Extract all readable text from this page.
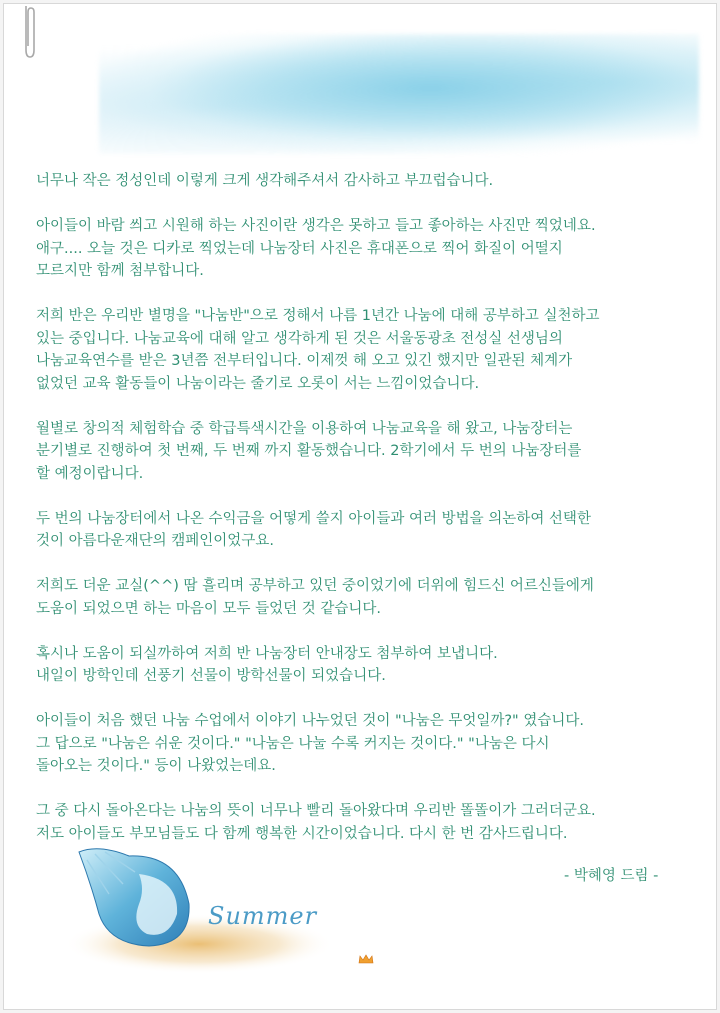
너무나 작은 정성인데 이렇게 크게 생각해주셔서 감사하고 부끄럽습니다.

아이들이 바람 씌고 시원해 하는 사진이란 생각은 못하고 들고 좋아하는 사진만 찍었네요.
애구.... 오늘 것은 디카로 찍었는데 나눔장터 사진은 휴대폰으로 찍어 화질이 어떨지
모르지만 함께 첨부합니다.

저희 반은 우리반 별명을 "나눔반"으로 정해서 나름 1년간 나눔에 대해 공부하고 실천하고
있는 중입니다. 나눔교육에 대해 알고 생각하게 된 것은 서울동광초 전성실 선생님의
나눔교육연수를 받은 3년쯤 전부터입니다. 이제껏 해 오고 있긴 했지만 일관된 체계가
없었던 교육 활동들이 나눔이라는 줄기로 오롯이 서는 느낌이었습니다.

월별로 창의적 체험학습 중 학급특색시간을 이용하여 나눔교육을 해 왔고, 나눔장터는
분기별로 진행하여 첫 번째, 두 번째 까지 활동했습니다. 2학기에서 두 번의 나눔장터를
할 예정이랍니다.

두 번의 나눔장터에서 나온 수익금을 어떻게 쓸지 아이들과 여러 방법을 의논하여 선택한
것이 아름다운재단의 캠페인이었구요.

저희도 더운 교실(^^) 땀 흘리며 공부하고 있던 중이었기에 더위에 힘드신 어르신들에게
도움이 되었으면 하는 마음이 모두 들었던 것 같습니다.

혹시나 도움이 되실까하여 저희 반 나눔장터 안내장도 첨부하여 보냅니다.
내일이 방학인데 선풍기 선물이 방학선물이 되었습니다.

아이들이 처음 했던 나눔 수업에서 이야기 나누었던 것이 "나눔은 무엇일까?" 였습니다.
그 답으로 "나눔은 쉬운 것이다." "나눔은 나눌 수록 커지는 것이다." "나눔은 다시
돌아오는 것이다." 등이 나왔었는데요.

그 중 다시 돌아온다는 나눔의 뜻이 너무나 빨리 돌아왔다며 우리반 똘똘이가 그러더군요.
저도 아이들도 부모님들도 다 함께 행복한 시간이었습니다. 다시 한 번 감사드립니다.

- 박혜영 드림 -
Summer
